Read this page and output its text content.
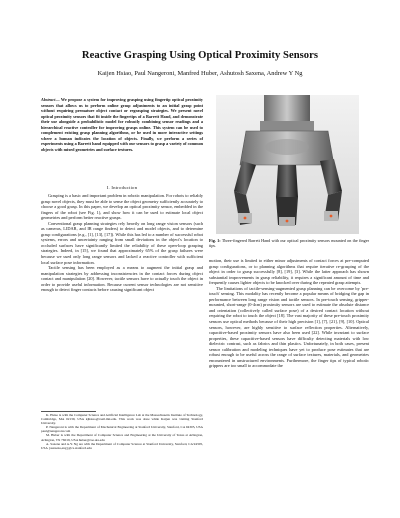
Reactive Grasping Using Optical Proximity Sensors
Kaijen Hsiao, Paul Nangeroni, Manfred Huber, Ashutosh Saxena, Andrew Y Ng

Abstract— We propose a system for improving grasping using fingertip optical proximity sensors that allows us to perform online grasp adjustments to an initial grasp point without requiring premature object contact or regrasping strategies. We present novel optical proximity sensors that fit inside the fingertips of a Barrett Hand, and demonstrate their use alongside a probabilistic model for robustly combining sensor readings and a hierarchical reactive controller for improving grasps online. This system can be used to complement existing grasp planning algorithms, or be used in more interactive settings where a human indicates the location of objects. Finally, we perform a series of experiments using a Barrett hand equipped with our sensors to grasp a variety of common objects with mixed geometries and surface textures.

I. Introduction

Grasping is a basic and important problem in robotic manipulation. For robots to reliably grasp novel objects, they must be able to sense the object geometry sufficiently accurately to choose a good grasp. In this paper, we develop an optical proximity sensor, embedded in the fingers of the robot (see Fig. 1), and show how it can be used to estimate local object geometries and perform better reactive grasps.

Conventional grasp planning strategies rely heavily on long range vision sensors (such as cameras, LIDAR, and IR range finders) to detect and model objects, and to determine grasp configurations (e.g., [1], [13], [17]). While this has led to a number of successful robot systems, errors and uncertainty ranging from small deviations in the object's location to occluded surfaces have significantly limited the reliability of these open-loop grasping strategies. Indeed, in [15], we found that approximately 65% of the grasp failures were because we used only long range sensors and lacked a reactive controller with sufficient local surface pose information.

Tactile sensing has been employed as a means to augment the initial grasp and manipulation strategies by addressing inconsistencies in the contact forces during object contact and manipulation [20]. However, tactile sensors have to actually touch the object in order to provide useful information. Because current sensor technologies are not sensitive enough to detect finger contacts before causing significant object

K. Hsiao is with the Computer Science and Artificial Intelligence Lab at the Massachusetts Institute of Technology, Cambridge, MA 02139, USA kjhsiao@csail.mit.edu. This work was done while Kaijen was visiting Stanford University.

P. Nangeroni is with the Department of Mechanical Engineering at Stanford University, Stanford, CA 94305, USA paul@nangeroni.com

M. Huber is with the Department of Computer Science and Engineering at the University of Texas at Arlington, Arlington, TX 76019, USA huber@cse.uta.edu

A. Saxena and A.Y. Ng are with the Department of Computer Science at Stanford University, Stanford, CA 94305, USA {asaxena,ang}@cs.stanford.edu

Fig. 1: Three-fingered Barrett Hand with our optical proximity sensors mounted on the finger tips.

motion, their use is limited to either minor adjustments of contact forces at pre-computed grasp configurations, or to planning algorithms that require iterative re-grasping of the object in order to grasp successfully [8], [19], [3]. While the latter approach has shown substantial improvements in grasp reliability, it requires a significant amount of time and frequently causes lighter objects to be knocked over during the repeated grasp attempts.

The limitations of tactile-sensing-augmented grasp planning can be overcome by 'pre-touch' sensing. This modality has recently become a popular means of bridging the gap in performance between long range vision and tactile sensors. In pre-touch sensing, gripper-mounted, short-range (0-4cm) proximity sensors are used to estimate the absolute distance and orientation (collectively called surface pose) of a desired contact location without requiring the robot to touch the object [18]. The vast majority of these pre-touch proximity sensors use optical methods because of their high precision [1], [7], [21], [9], [10]. Optical sensors, however, are highly sensitive to surface reflection properties. Alternatively, capacitive-based proximity sensors have also been used [22]. While invariant to surface properties, these capacitive-based sensors have difficulty detecting materials with low dielectric contrast, such as fabrics and thin plastics. Unfortunately, in both cases, present sensor calibration and modeling techniques have yet to produce pose estimates that are robust enough to be useful across the range of surface textures, materials, and geometries encountered in unstructured environments. Furthermore, the finger tips of typical robotic grippers are too small to accommodate the
